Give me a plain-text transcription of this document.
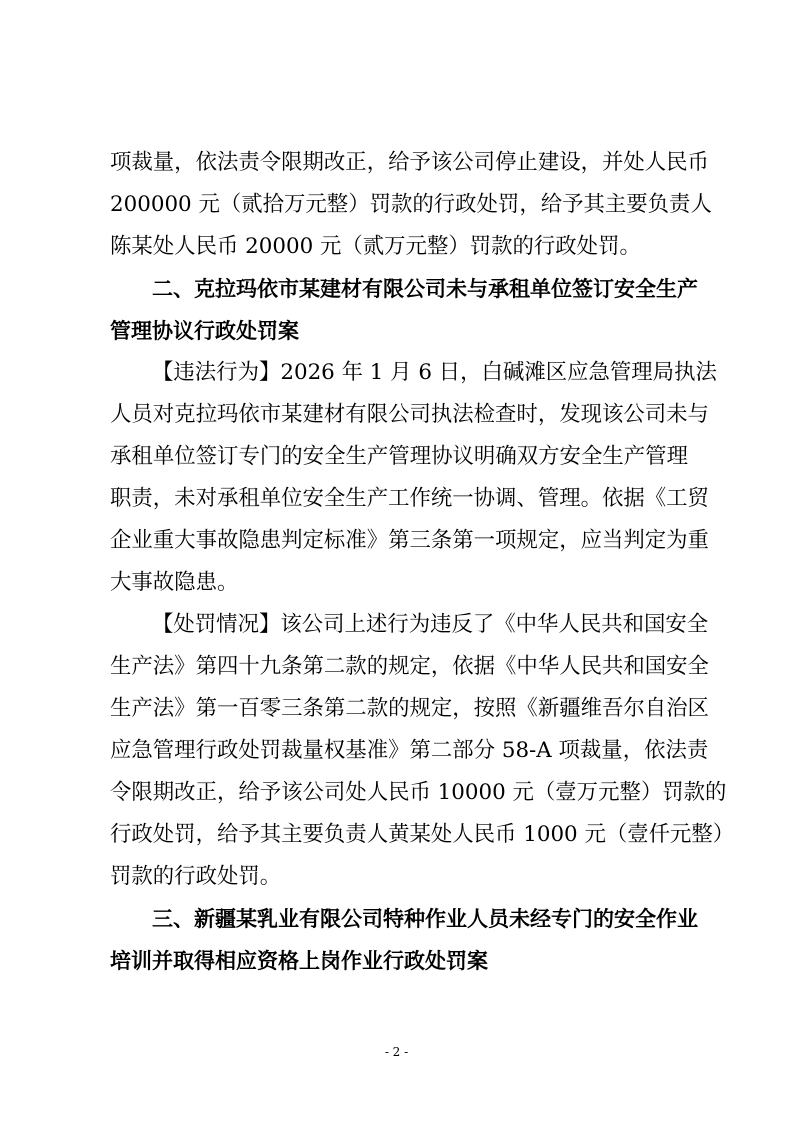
项裁量，依法责令限期改正，给予该公司停止建设，并处人民币
200000 元（贰拾万元整）罚款的行政处罚，给予其主要负责人
陈某处人民币 20000 元（贰万元整）罚款的行政处罚。
二、克拉玛依市某建材有限公司未与承租单位签订安全生产
管理协议行政处罚案
【违法行为】2026 年 1 月 6 日，白碱滩区应急管理局执法
人员对克拉玛依市某建材有限公司执法检查时，发现该公司未与
承租单位签订专门的安全生产管理协议明确双方安全生产管理
职责，未对承租单位安全生产工作统一协调、管理。依据《工贸
企业重大事故隐患判定标准》第三条第一项规定，应当判定为重
大事故隐患。
【处罚情况】该公司上述行为违反了《中华人民共和国安全
生产法》第四十九条第二款的规定，依据《中华人民共和国安全
生产法》第一百零三条第二款的规定，按照《新疆维吾尔自治区
应急管理行政处罚裁量权基准》第二部分 58-A 项裁量，依法责
令限期改正，给予该公司处人民币 10000 元（壹万元整）罚款的
行政处罚，给予其主要负责人黄某处人民币 1000 元（壹仟元整）
罚款的行政处罚。
三、新疆某乳业有限公司特种作业人员未经专门的安全作业
培训并取得相应资格上岗作业行政处罚案
- 2 -
